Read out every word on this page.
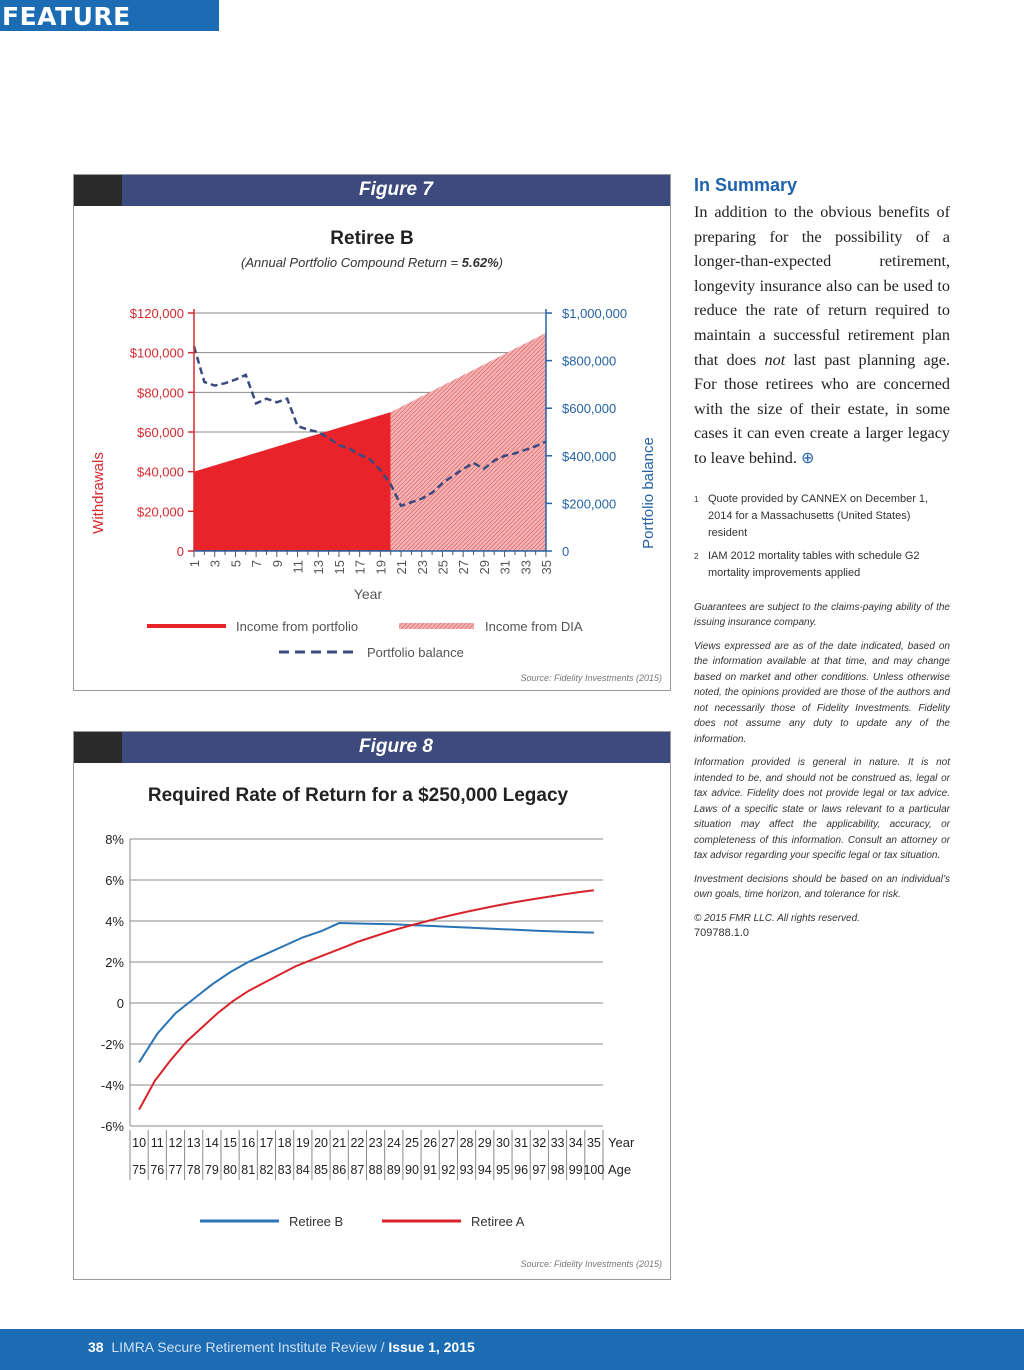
FEATURE
Figure 7
Retiree B
(Annual Portfolio Compound Return = 5.62%)
0
$20,000
$40,000
$60,000
$80,000
$100,000
$120,000
0
$200,000
$400,000
$600,000
$800,000
$1,000,000
1 3 5 7 9 11 13 15 17 19 21 23 25 27 29 31 33 35
Withdrawals	Portfolio balance
Year
Income from portfolio	Income from DIA
Portfolio balance
Source: Fidelity Investments (2015)
Figure 8
Required Rate of Return for a $250,000 Legacy
8%
6%
4%
2%
0
-2%
-4%
-6%
10 11 12 13 14 15 16 17 18 19 20 21 22 23 24 25 26 27 28 29 30 31 32 33 34 35
75 76 77 78 79 80 81 82 83 84 85 86 87 88 89 90 91 92 93 94 95 96 97 98 99 100
Year
Age
Retiree B	Retiree A
Source: Fidelity Investments (2015)
In Summary

In addition to the obvious benefits of preparing for the possibility of a longer-than-expected retirement, longevity insurance also can be used to reduce the rate of return required to maintain a successful retirement plan that does not last past planning age. For those retirees who are concerned with the size of their estate, in some cases it can even create a larger legacy to leave behind. ⊕

1 Quote provided by CANNEX on December 1, 2014 for a Massachusetts (United States) resident
2 IAM 2012 mortality tables with schedule G2 mortality improvements applied

Guarantees are subject to the claims-paying ability of the issuing insurance company.

Views expressed are as of the date indicated, based on the information available at that time, and may change based on market and other conditions. Unless otherwise noted, the opinions provided are those of the authors and not necessarily those of Fidelity Investments. Fidelity does not assume any duty to update any of the information.

Information provided is general in nature. It is not intended to be, and should not be construed as, legal or tax advice. Fidelity does not provide legal or tax advice. Laws of a specific state or laws relevant to a particular situation may affect the applicability, accuracy, or completeness of this information. Consult an attorney or tax advisor regarding your specific legal or tax situation.

Investment decisions should be based on an individual’s own goals, time horizon, and tolerance for risk.

© 2015 FMR LLC. All rights reserved.

709788.1.0

38 LIMRA Secure Retirement Institute Review / Issue 1, 2015
